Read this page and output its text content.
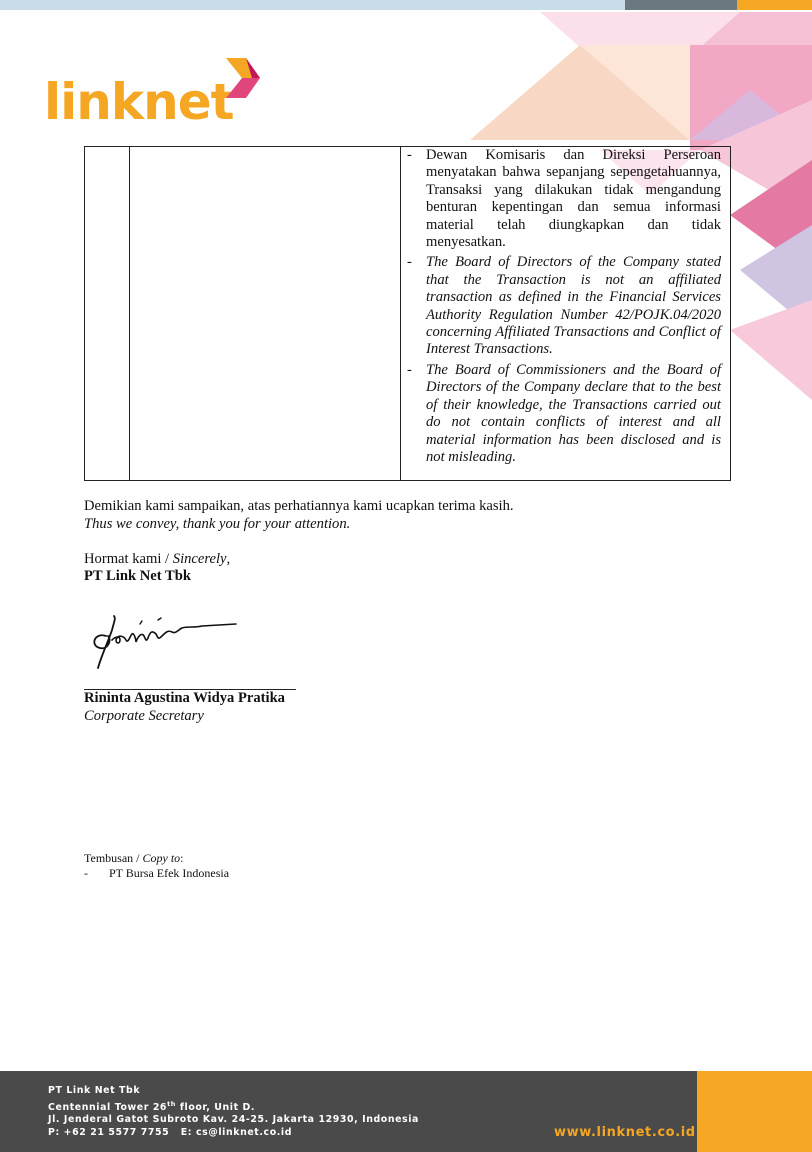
linknet

- Dewan Komisaris dan Direksi Perseroan menyatakan bahwa sepanjang sepengetahuannya, Transaksi yang dilakukan tidak mengandung benturan kepentingan dan semua informasi material telah diungkapkan dan tidak menyesatkan.
- The Board of Directors of the Company stated that the Transaction is not an affiliated transaction as defined in the Financial Services Authority Regulation Number 42/POJK.04/2020 concerning Affiliated Transactions and Conflict of Interest Transactions.
- The Board of Commissioners and the Board of Directors of the Company declare that to the best of their knowledge, the Transactions carried out do not contain conflicts of interest and all material information has been disclosed and is not misleading.
Demikian kami sampaikan, atas perhatiannya kami ucapkan terima kasih.
Thus we convey, thank you for your attention.
Hormat kami / Sincerely,
PT Link Net Tbk
Rininta Agustina Widya Pratika
Corporate Secretary
Tembusan / Copy to:
-	PT Bursa Efek Indonesia
PT Link Net Tbk
Centennial Tower 26th floor, Unit D.
Jl. Jenderal Gatot Subroto Kav. 24-25. Jakarta 12930, Indonesia
P: +62 21 5577 7755   E: cs@linknet.co.id	www.linknet.co.id
